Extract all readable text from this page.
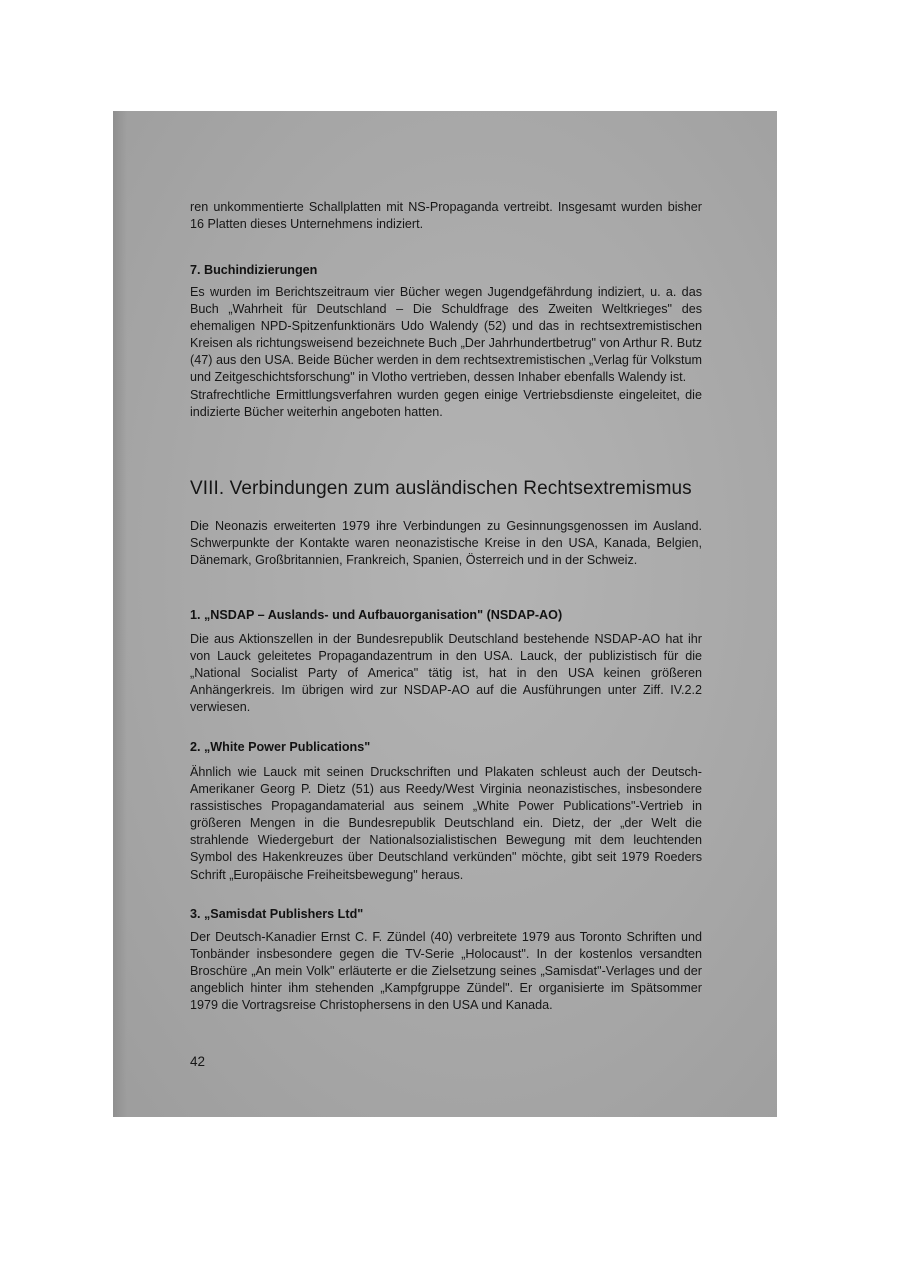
ren unkommentierte Schallplatten mit NS-Propaganda vertreibt. Insgesamt wurden bisher 16 Platten dieses Unternehmens indiziert.

7. Buchindizierungen

Es wurden im Berichtszeitraum vier Bücher wegen Jugendgefährdung indiziert, u. a. das Buch „Wahrheit für Deutschland – Die Schuldfrage des Zweiten Weltkrieges" des ehemaligen NPD-Spitzenfunktionärs Udo Walendy (52) und das in rechtsextremistischen Kreisen als richtungsweisend bezeichnete Buch „Der Jahrhundertbetrug" von Arthur R. Butz (47) aus den USA. Beide Bücher werden in dem rechtsextremistischen „Verlag für Volkstum und Zeitgeschichtsforschung" in Vlotho vertrieben, dessen Inhaber ebenfalls Walendy ist.

Strafrechtliche Ermittlungsverfahren wurden gegen einige Vertriebsdienste eingeleitet, die indizierte Bücher weiterhin angeboten hatten.

VIII. Verbindungen zum ausländischen Rechtsextremismus

Die Neonazis erweiterten 1979 ihre Verbindungen zu Gesinnungsgenossen im Ausland. Schwerpunkte der Kontakte waren neonazistische Kreise in den USA, Kanada, Belgien, Dänemark, Großbritannien, Frankreich, Spanien, Österreich und in der Schweiz.

1. „NSDAP – Auslands- und Aufbauorganisation" (NSDAP-AO)

Die aus Aktionszellen in der Bundesrepublik Deutschland bestehende NSDAP-AO hat ihr von Lauck geleitetes Propagandazentrum in den USA. Lauck, der publizistisch für die „National Socialist Party of America" tätig ist, hat in den USA keinen größeren Anhängerkreis. Im übrigen wird zur NSDAP-AO auf die Ausführungen unter Ziff. IV.2.2 verwiesen.

2. „White Power Publications"

Ähnlich wie Lauck mit seinen Druckschriften und Plakaten schleust auch der Deutsch-Amerikaner Georg P. Dietz (51) aus Reedy/West Virginia neonazistisches, insbesondere rassistisches Propagandamaterial aus seinem „White Power Publications"-Vertrieb in größeren Mengen in die Bundesrepublik Deutschland ein. Dietz, der „der Welt die strahlende Wiedergeburt der Nationalsozialistischen Bewegung mit dem leuchtenden Symbol des Hakenkreuzes über Deutschland verkünden" möchte, gibt seit 1979 Roeders Schrift „Europäische Freiheitsbewegung" heraus.

3. „Samisdat Publishers Ltd"

Der Deutsch-Kanadier Ernst C. F. Zündel (40) verbreitete 1979 aus Toronto Schriften und Tonbänder insbesondere gegen die TV-Serie „Holocaust". In der kostenlos versandten Broschüre „An mein Volk" erläuterte er die Zielsetzung seines „Samisdat"-Verlages und der angeblich hinter ihm stehenden „Kampfgruppe Zündel". Er organisierte im Spätsommer 1979 die Vortragsreise Christophersens in den USA und Kanada.

42
